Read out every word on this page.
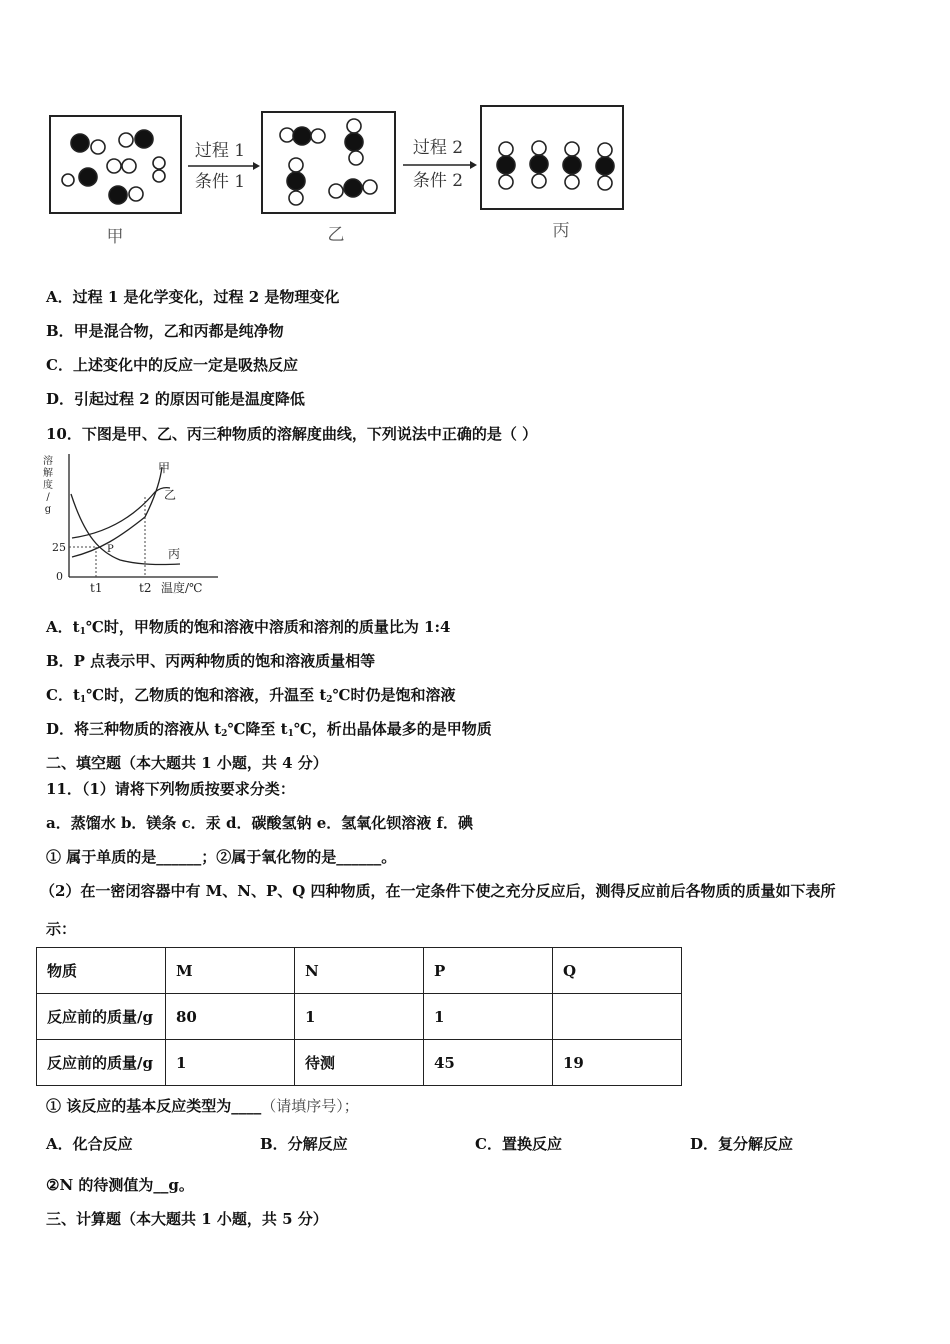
过程 1
条件 1
过程 2
条件 2
甲	乙	丙
A．过程 1 是化学变化，过程 2 是物理变化
B．甲是混合物，乙和丙都是纯净物
C．上述变化中的反应一定是吸热反应
D．引起过程 2 的原因可能是温度降低
10．下图是甲、乙、丙三种物质的溶解度曲线，下列说法中正确的是（ ）
溶
解
度
/
g
甲
乙
丙
P
25
0
t1	t2 温度/℃
A．$t_1℃$时，甲物质的饱和溶液中溶质和溶剂的质量比为 1:4
B．P 点表示甲、丙两种物质的饱和溶液质量相等
C．$t_1℃$时，乙物质的饱和溶液，升温至 $t_2℃$时仍是饱和溶液
D．将三种物质的溶液从 $t_2℃$降至 $t_1℃$，析出晶体最多的是甲物质
二、填空题（本大题共 1 小题，共 4 分）
11．（1）请将下列物质按要求分类：
a．蒸馏水 b．镁条 c．汞 d．碳酸氢钠 e．氢氧化钡溶液 f．碘
① 属于单质的是______；②属于氧化物的是______。
（2）在一密闭容器中有 M、N、P、Q 四种物质，在一定条件下使之充分反应后，测得反应前后各物质的质量如下表所
示：
物质	M	N	P	Q
反应前的质量/g	80	1	1	
反应前的质量/g	1	待测	45	19
① 该反应的基本反应类型为____（请填序号）；
A．化合反应	B．分解反应	C．置换反应	D．复分解反应
②N 的待测值为__g。
三、计算题（本大题共 1 小题，共 5 分）
